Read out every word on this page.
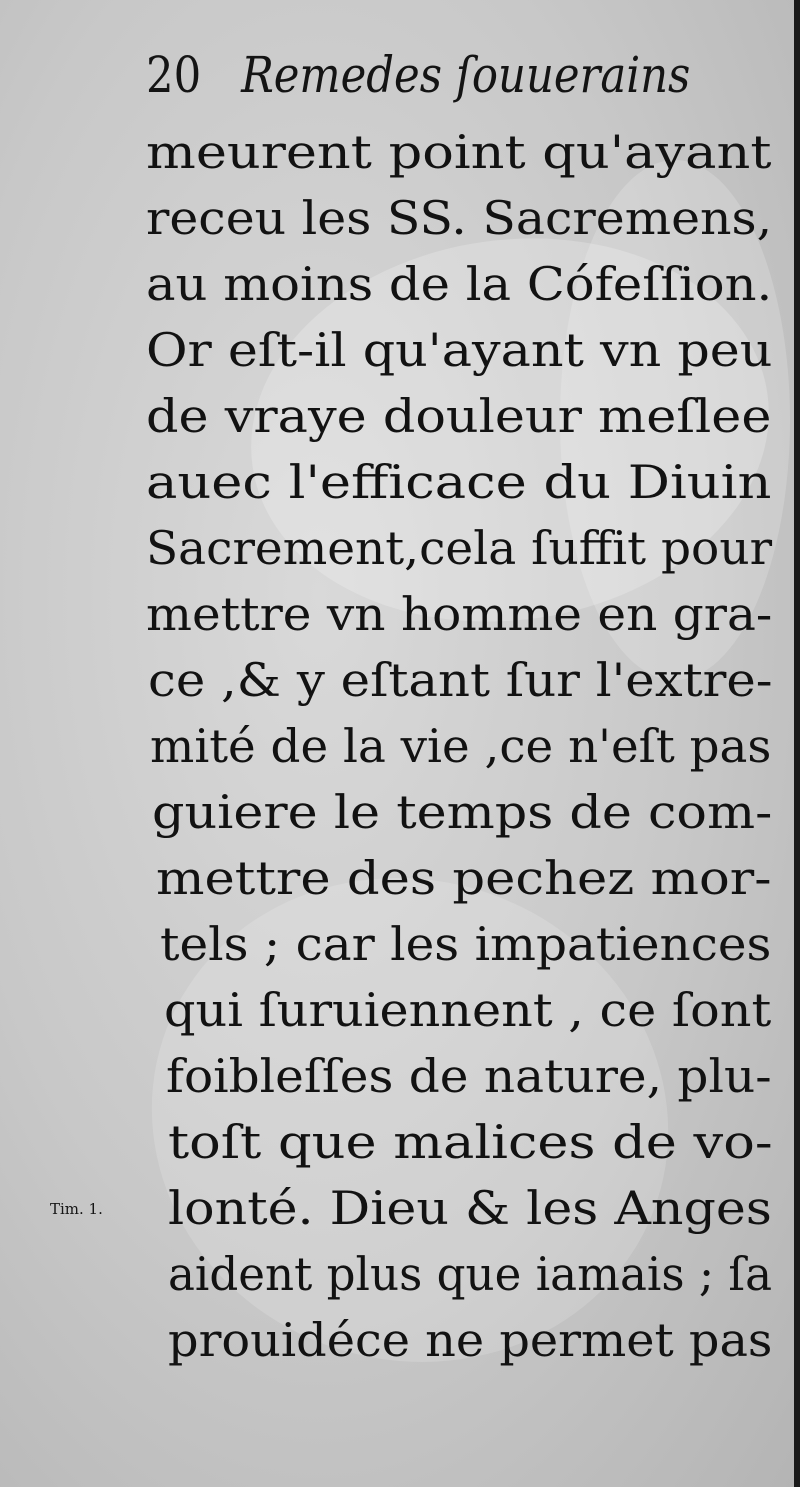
20 Remedes ſouuerains
meurent point qu'ayant
receu les SS. Sacremens,
au moins de la Cófeſſion.
Or eſt-il qu'ayant vn peu
de vraye douleur meſlee
auec l'efficace du Diuin
Sacrement,cela ſuffit pour
mettre vn homme en gra-
ce ,& y eſtant ſur l'extre-
mité de la vie ,ce n'eſt pas
guiere le temps de com-
mettre des pechez mor-
tels ; car les impatiences
qui ſuruiennent , ce ſont
foibleſſes de nature, plu-
toſt que malices de vo-
lonté. Dieu & les Anges
aident plus que iamais ; ſa
prouidéce ne permet pas
Tim. 1.
